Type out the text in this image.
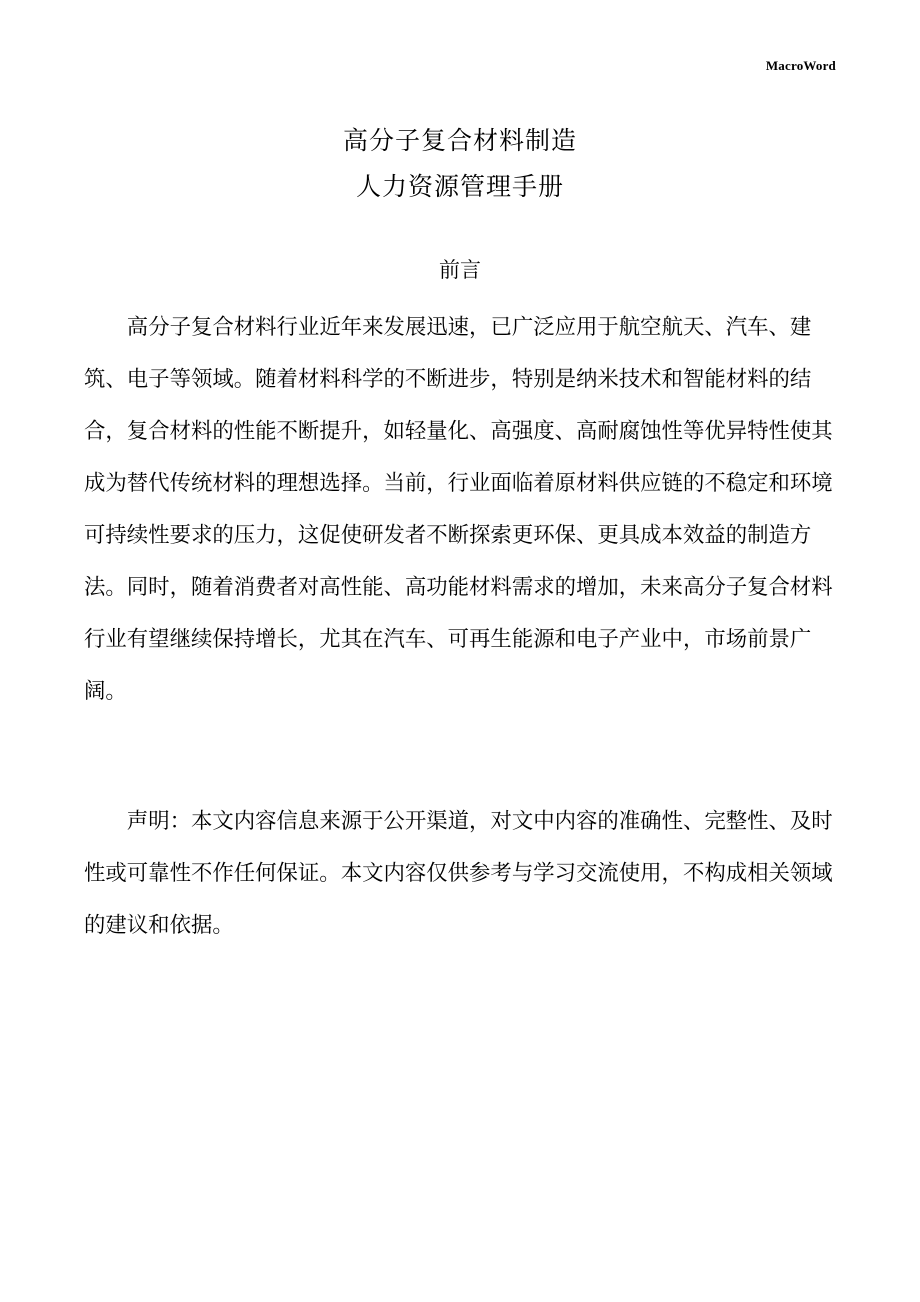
MacroWord
高分子复合材料制造
人力资源管理手册
前言

高分子复合材料行业近年来发展迅速，已广泛应用于航空航天、汽车、建筑、电子等领域。随着材料科学的不断进步，特别是纳米技术和智能材料的结合，复合材料的性能不断提升，如轻量化、高强度、高耐腐蚀性等优异特性使其成为替代传统材料的理想选择。当前，行业面临着原材料供应链的不稳定和环境可持续性要求的压力，这促使研发者不断探索更环保、更具成本效益的制造方法。同时，随着消费者对高性能、高功能材料需求的增加，未来高分子复合材料行业有望继续保持增长，尤其在汽车、可再生能源和电子产业中，市场前景广阔。

声明：本文内容信息来源于公开渠道，对文中内容的准确性、完整性、及时性或可靠性不作任何保证。本文内容仅供参考与学习交流使用，不构成相关领域的建议和依据。
